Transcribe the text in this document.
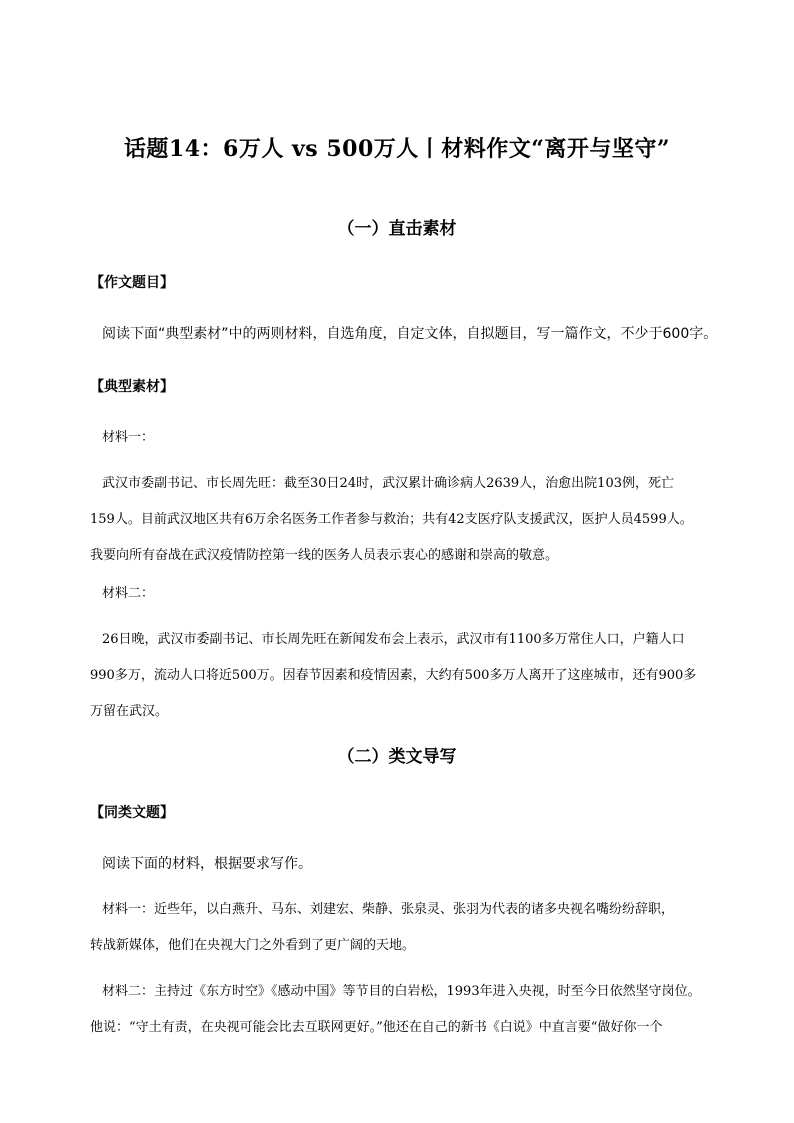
话题14：6万人 vs 500万人丨材料作文“离开与坚守”
（一）直击素材
【作文题目】
阅读下面“典型素材”中的两则材料，自选角度，自定文体，自拟题目，写一篇作文，不少于600字。
【典型素材】
材料一：
武汉市委副书记、市长周先旺：截至30日24时，武汉累计确诊病人2639人，治愈出院103例，死亡
159人。目前武汉地区共有6万余名医务工作者参与救治；共有42支医疗队支援武汉，医护人员4599人。
我要向所有奋战在武汉疫情防控第一线的医务人员表示衷心的感谢和崇高的敬意。
材料二：
26日晚，武汉市委副书记、市长周先旺在新闻发布会上表示，武汉市有1100多万常住人口，户籍人口
990多万，流动人口将近500万。因春节因素和疫情因素，大约有500多万人离开了这座城市，还有900多
万留在武汉。
（二）类文导写
【同类文题】
阅读下面的材料，根据要求写作。
材料一：近些年，以白燕升、马东、刘建宏、柴静、张泉灵、张羽为代表的诸多央视名嘴纷纷辞职，
转战新媒体，他们在央视大门之外看到了更广阔的天地。
材料二：主持过《东方时空》《感动中国》等节目的白岩松，1993年进入央视，时至今日依然坚守岗位。
他说：“守土有责，在央视可能会比去互联网更好。”他还在自己的新书《白说》中直言要“做好你一个
